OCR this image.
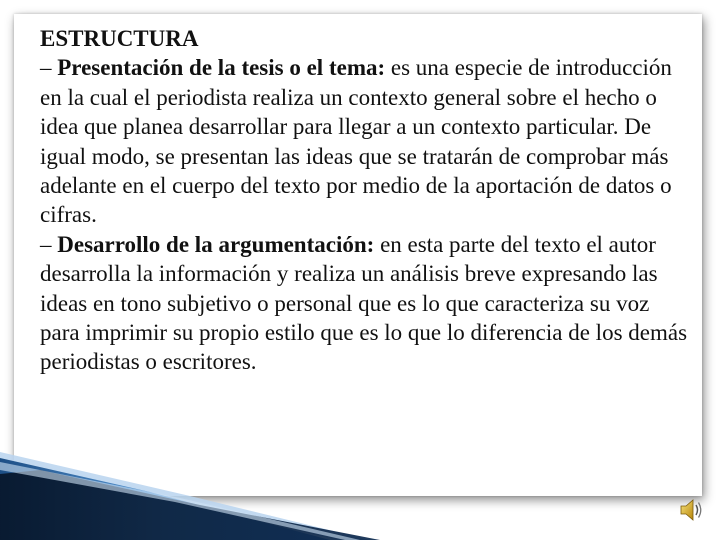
ESTRUCTURA

– Presentación de la tesis o el tema: es una especie de introducción en la cual el periodista realiza un contexto general sobre el hecho o idea que planea desarrollar para llegar a un contexto particular. De igual modo, se presentan las ideas que se tratarán de comprobar más adelante en el cuerpo del texto por medio de la aportación de datos o cifras.

– Desarrollo de la argumentación: en esta parte del texto el autor desarrolla la información y realiza un análisis breve expresando las ideas en tono subjetivo o personal que es lo que caracteriza su voz para imprimir su propio estilo que es lo que lo diferencia de los demás periodistas o escritores.
